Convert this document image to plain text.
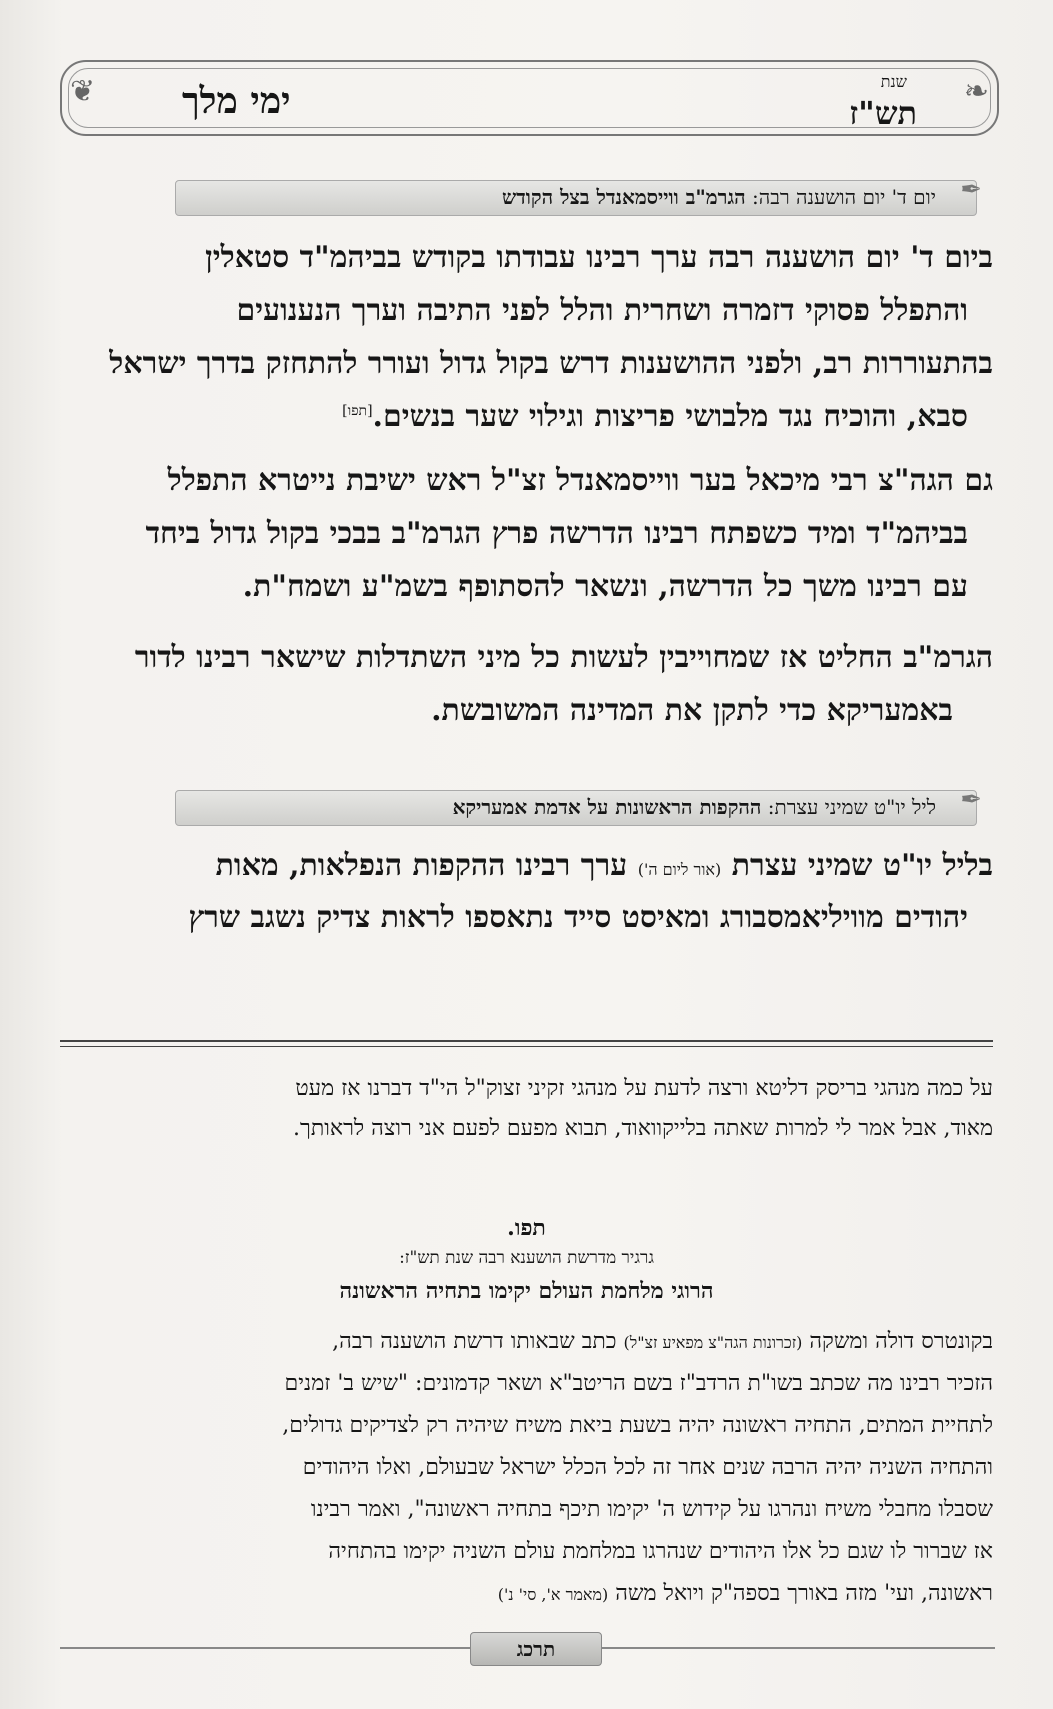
❦	❧
ימי מלך	שנת
תש"ז
✒
יום ד' יום הושענה רבה: הגרמ"ב ווייסמאנדל בצל הקודש
ביום ד' יום הושענה רבה ערך רבינו עבודתו בקודש בביהמ"ד סטאלין
והתפלל פסוקי דזמרה ושחרית והלל לפני התיבה וערך הנענועים
בהתעוררות רב, ולפני ההושענות דרש בקול גדול ועורר להתחזק בדרך ישראל
סבא, והוכיח נגד מלבושי פריצות וגילוי שער בנשים.[תפו]
גם הגה"צ רבי מיכאל בער ווייסמאנדל זצ"ל ראש ישיבת נייטרא התפלל
בביהמ"ד ומיד כשפתח רבינו הדרשה פרץ הגרמ"ב בבכי בקול גדול ביחד
עם רבינו משך כל הדרשה, ונשאר להסתופף בשמ"ע ושמח"ת.
הגרמ"ב החליט אז שמחוייבין לעשות כל מיני השתדלות שישאר רבינו לדור
באמעריקא כדי לתקן את המדינה המשובשת.
✒
ליל יו"ט שמיני עצרת: ההקפות הראשונות על אדמת אמעריקא
בליל יו"ט שמיני עצרת (אור ליום ה') ערך רבינו ההקפות הנפלאות, מאות
יהודים מוויליאמסבורג ומאיסט סייד נתאספו לראות צדיק נשגב שרץ
על כמה מנהגי בריסק דליטא ורצה לדעת על מנהגי זקיני זצוק"ל הי"ד דברנו אז מעט
מאוד, אבל אמר לי למרות שאתה בלייקוואוד, תבוא מפעם לפעם אני רוצה לראותך.
תפו.
גרגיר מדרשת הושענא רבה שנת תש"ז:
הרוגי מלחמת העולם יקימו בתחיה הראשונה
בקונטרס דולה ומשקה (זכרונות הגה"צ מפאיע זצ"ל) כתב שבאותו דרשת הושענה רבה,
הזכיר רבינו מה שכתב בשו"ת הרדב"ז בשם הריטב"א ושאר קדמונים: "שיש ב' זמנים
לתחיית המתים, התחיה ראשונה יהיה בשעת ביאת משיח שיהיה רק לצדיקים גדולים,
והתחיה השניה יהיה הרבה שנים אחר זה לכל הכלל ישראל שבעולם, ואלו היהודים
שסבלו מחבלי משיח ונהרגו על קידוש ה' יקימו תיכף בתחיה ראשונה", ואמר רבינו
אז שברור לו שגם כל אלו היהודים שנהרגו במלחמת עולם השניה יקימו בהתחיה
ראשונה, ועי' מזה באורך בספה"ק ויואל משה (מאמר א', סי' נ')
תרכג
